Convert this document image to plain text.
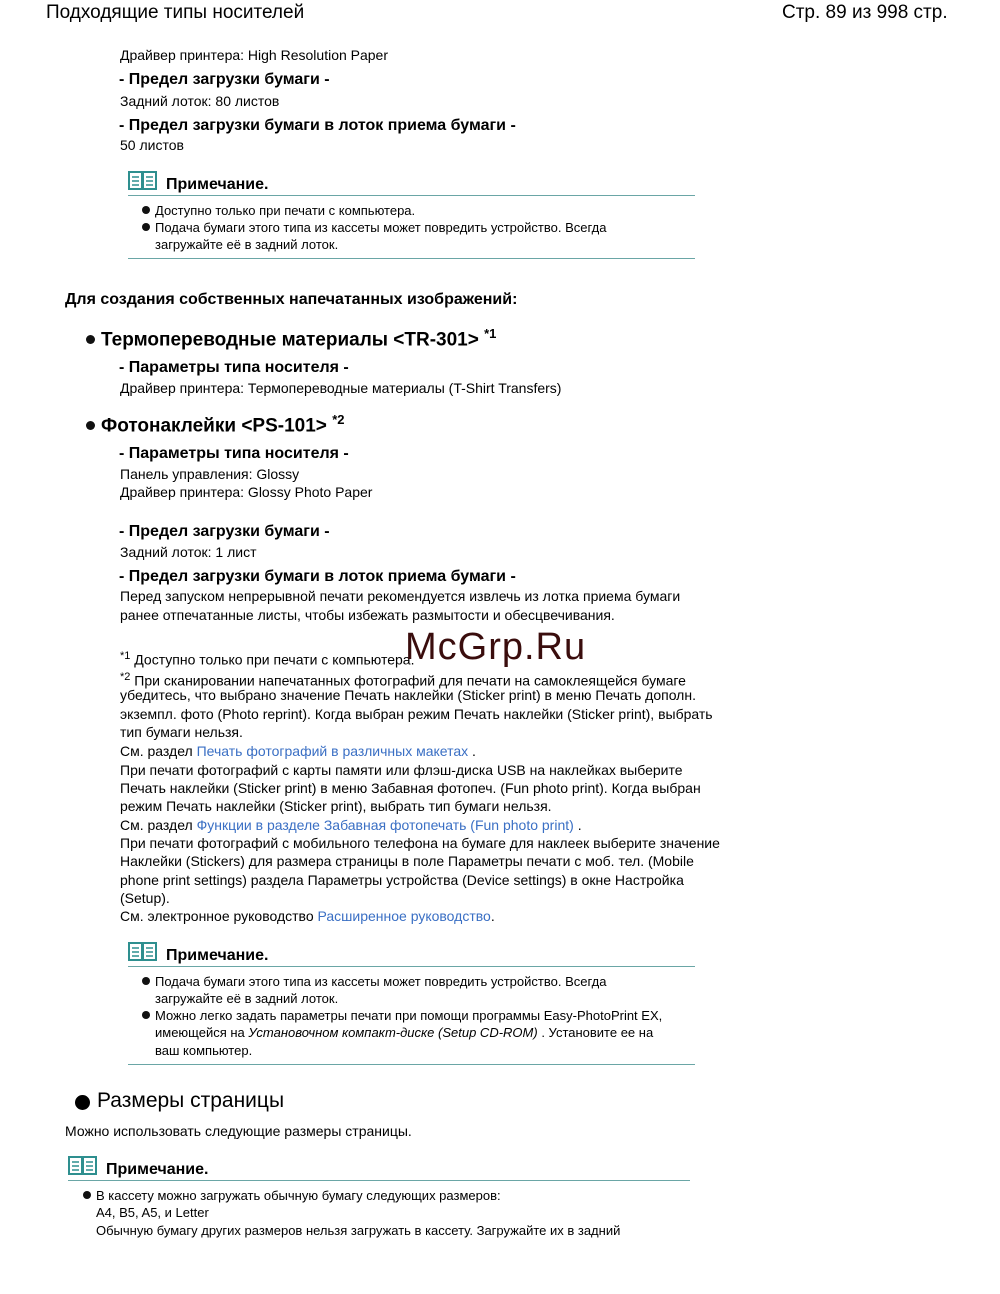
Подходящие типы носителей	Стр. 89 из 998 стр.
Драйвер принтера: High Resolution Paper
- Предел загрузки бумаги -
Задний лоток: 80 листов
- Предел загрузки бумаги в лоток приема бумаги -
50 листов
Примечание.
Доступно только при печати с компьютера.
Подача бумаги этого типа из кассеты может повредить устройство. Всегда
загружайте её в задний лоток.
Для создания собственных напечатанных изображений:
Термопереводные материалы <TR-301> $^{*1}$
- Параметры типа носителя -
Драйвер принтера: Термопереводные материалы (T-Shirt Transfers)
Фотонаклейки <PS-101> $^{*2}$
- Параметры типа носителя -
Панель управления: Glossy
Драйвер принтера: Glossy Photo Paper
- Предел загрузки бумаги -
Задний лоток: 1 лист
- Предел загрузки бумаги в лоток приема бумаги -
Перед запуском непрерывной печати рекомендуется извлечь из лотка приема бумаги
ранее отпечатанные листы, чтобы избежать размытости и обесцвечивания.
$^{*1}$ Доступно только при печати с компьютера.
$^{*2}$ При сканировании напечатанных фотографий для печати на самоклеящейся бумаге
убедитесь, что выбрано значение Печать наклейки (Sticker print) в меню Печать дополн.
экземпл. фото (Photo reprint). Когда выбран режим Печать наклейки (Sticker print), выбрать
тип бумаги нельзя.
См. раздел Печать фотографий в различных макетах .
При печати фотографий с карты памяти или флэш-диска USB на наклейках выберите
Печать наклейки (Sticker print) в меню Забавная фотопеч. (Fun photo print). Когда выбран
режим Печать наклейки (Sticker print), выбрать тип бумаги нельзя.
См. раздел Функции в разделе Забавная фотопечать (Fun photo print) .
При печати фотографий с мобильного телефона на бумаге для наклеек выберите значение
Наклейки (Stickers) для размера страницы в поле Параметры печати с моб. тел. (Mobile
phone print settings) раздела Параметры устройства (Device settings) в окне Настройка
(Setup).
См. электронное руководство Расширенное руководство.
McGrp.Ru
Примечание.
Подача бумаги этого типа из кассеты может повредить устройство. Всегда
загружайте её в задний лоток.
Можно легко задать параметры печати при помощи программы Easy-PhotoPrint EX,
имеющейся на Установочном компакт-диске (Setup CD-ROM) . Установите ее на
ваш компьютер.
Размеры страницы
Можно использовать следующие размеры страницы.
Примечание.
В кассету можно загружать обычную бумагу следующих размеров:
A4, B5, A5, и Letter
Обычную бумагу других размеров нельзя загружать в кассету. Загружайте их в задний
